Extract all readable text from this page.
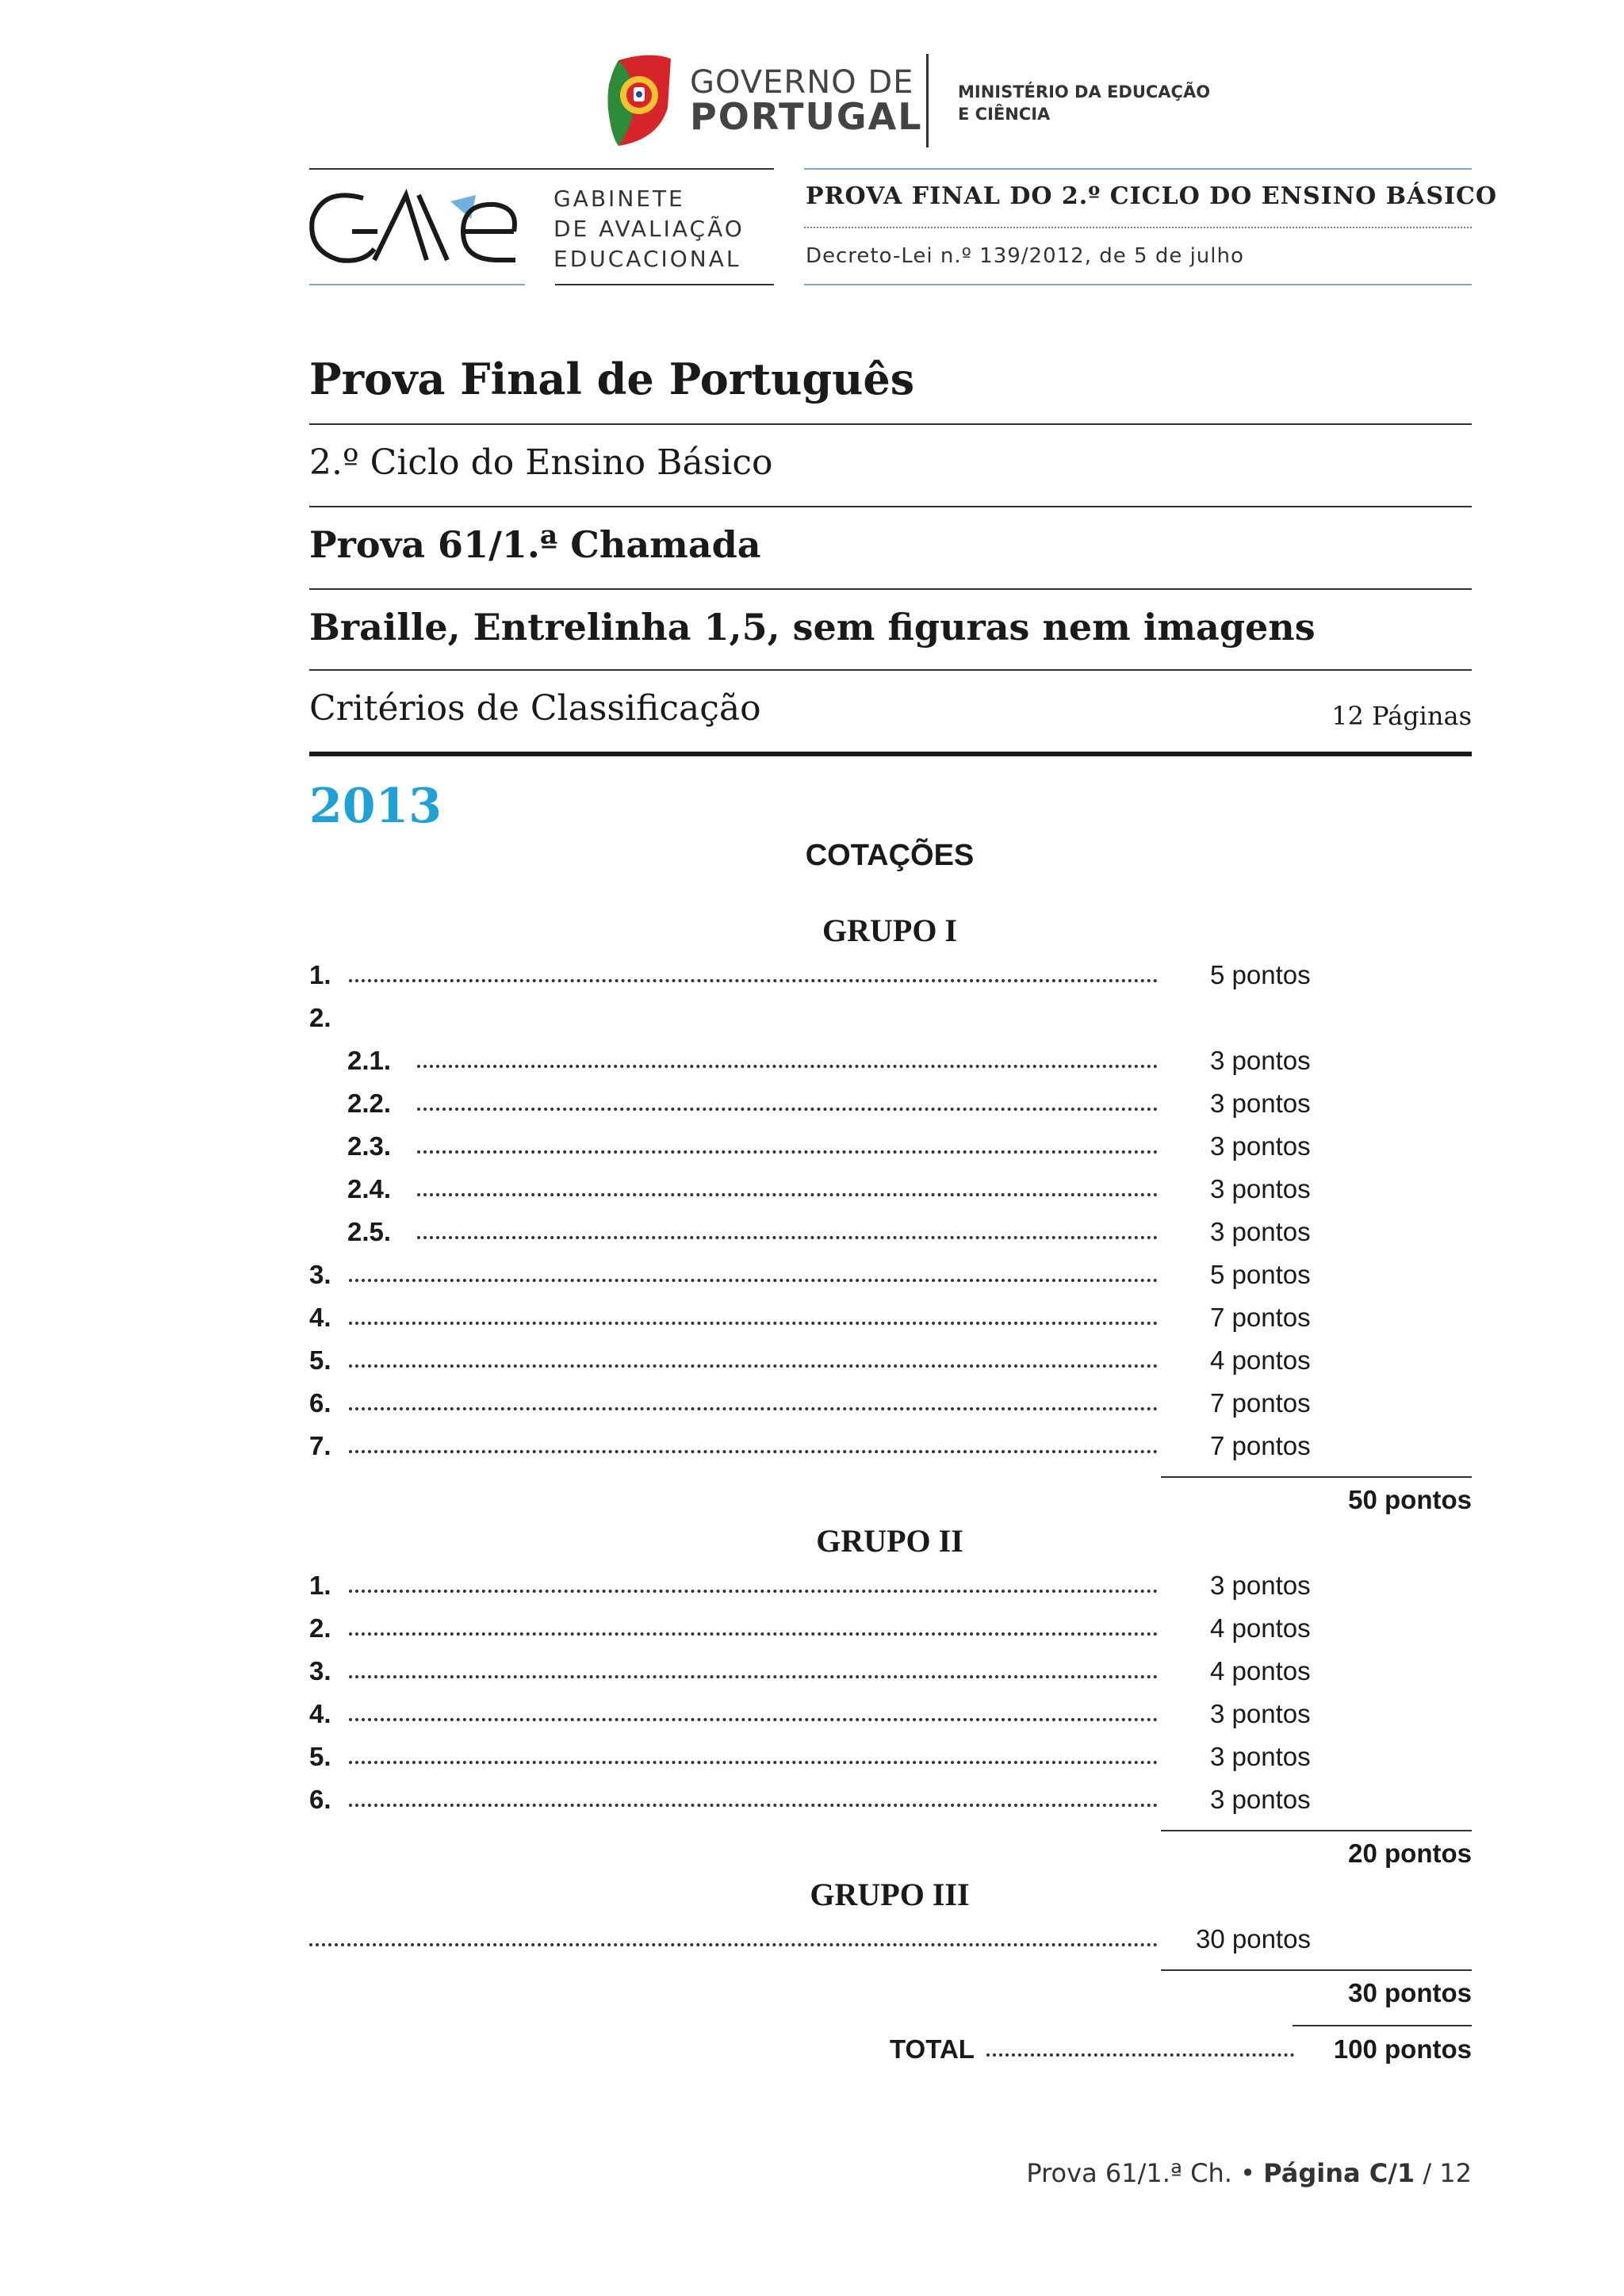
GOVERNO DE
PORTUGAL
MINISTÉRIO DA EDUCAÇÃO
E CIÊNCIA
GABINETE
DE AVALIAÇÃO
EDUCACIONAL
PROVA FINAL DO 2.º CICLO DO ENSINO BÁSICO
Decreto-Lei n.º 139/2012, de 5 de julho
Prova Final de Português
2.º Ciclo do Ensino Básico
Prova 61/1.ª Chamada
Braille, Entrelinha 1,5, sem figuras nem imagens
Critérios de Classificação	12 Páginas
2013
COTAÇÕES
GRUPO I
1.	5 pontos
2.
2.1.	3 pontos
2.2.	3 pontos
2.3.	3 pontos
2.4.	3 pontos
2.5.	3 pontos
3.	5 pontos
4.	7 pontos
5.	4 pontos
6.	7 pontos
7.	7 pontos
50 pontos
GRUPO II
1.	3 pontos
2.	4 pontos
3.	4 pontos
4.	3 pontos
5.	3 pontos
6.	3 pontos
20 pontos
GRUPO III
30 pontos
30 pontos
TOTAL	100 pontos
Prova 61/1.ª Ch. • Página C/1 / 12
